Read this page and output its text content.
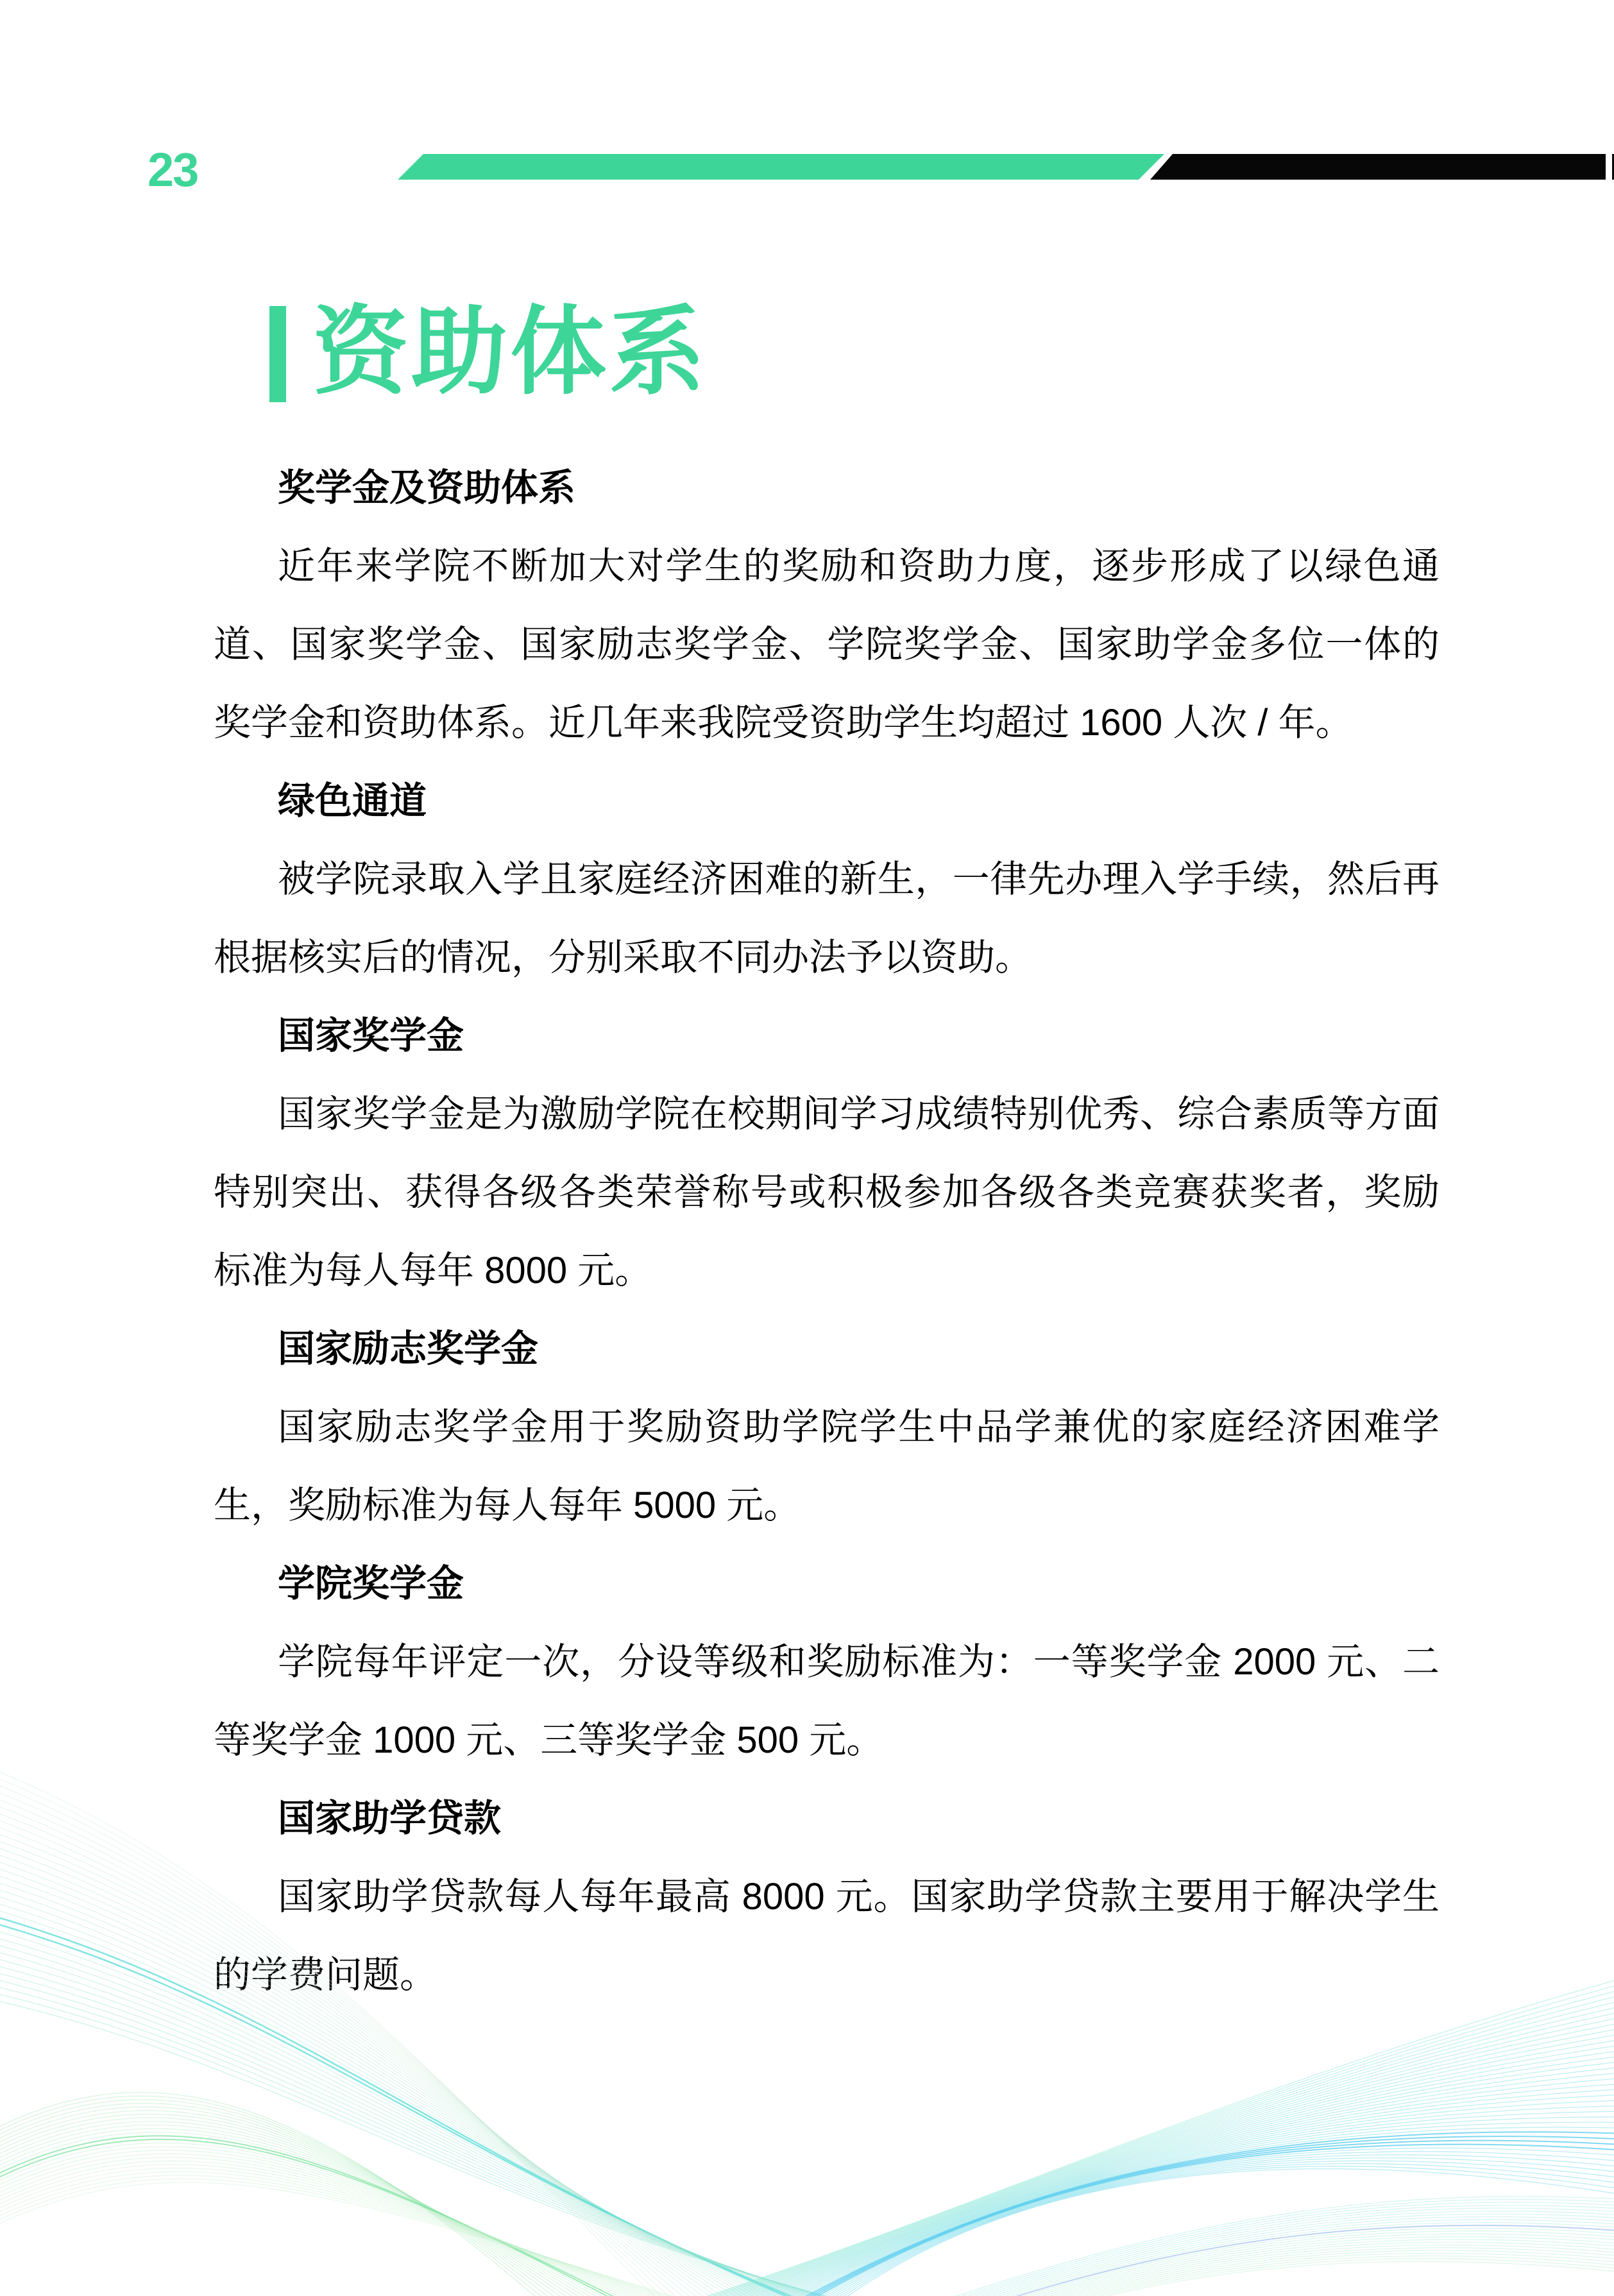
23
资助体系
奖学金及资助体系

近年来学院不断加大对学生的奖励和资助力度，逐步形成了以绿色通道、国家奖学金、国家励志奖学金、学院奖学金、国家助学金多位一体的奖学金和资助体系。近几年来我院受资助学生均超过 1600 人次 / 年。

绿色通道

被学院录取入学且家庭经济困难的新生，一律先办理入学手续，然后再根据核实后的情况，分别采取不同办法予以资助。

国家奖学金

国家奖学金是为激励学院在校期间学习成绩特别优秀、综合素质等方面特别突出、获得各级各类荣誉称号或积极参加各级各类竞赛获奖者，奖励标准为每人每年 8000 元。

国家励志奖学金

国家励志奖学金用于奖励资助学院学生中品学兼优的家庭经济困难学生，奖励标准为每人每年 5000 元。

学院奖学金

学院每年评定一次，分设等级和奖励标准为：一等奖学金 2000 元、二等奖学金 1000 元、三等奖学金 500 元。

国家助学贷款

国家助学贷款每人每年最高 8000 元。国家助学贷款主要用于解决学生的学费问题。
